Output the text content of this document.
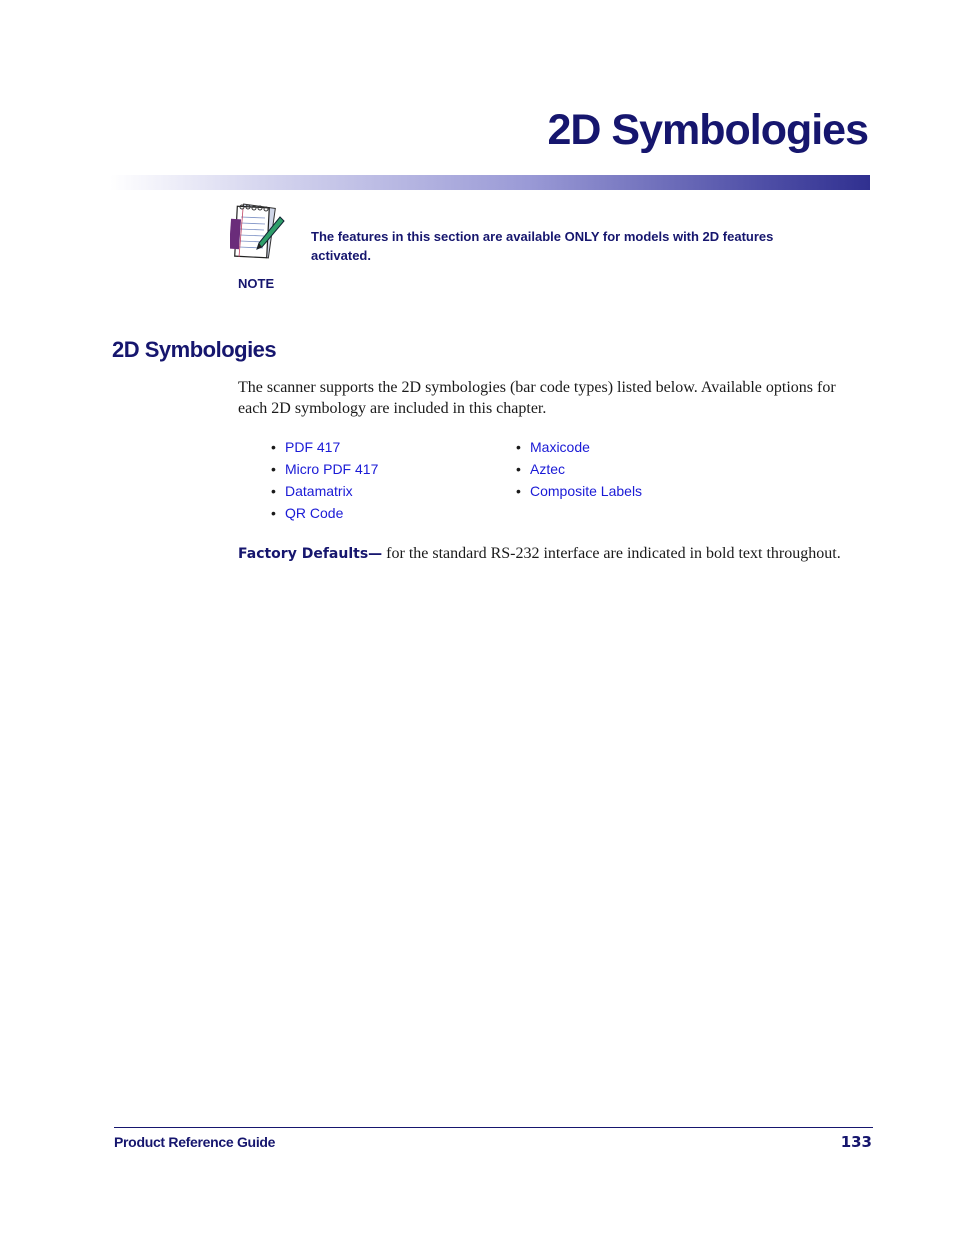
2D Symbologies
NOTE

The features in this section are available ONLY for models with 2D features activated.

2D Symbologies

The scanner supports the 2D symbologies (bar code types) listed below. Available options for each 2D symbology are included in this chapter.

• PDF 417
• Micro PDF 417
• Datamatrix
• QR Code
• Maxicode
• Aztec
• Composite Labels

Factory Defaults— for the standard RS-232 interface are indicated in bold text throughout.

Product Reference Guide	133
